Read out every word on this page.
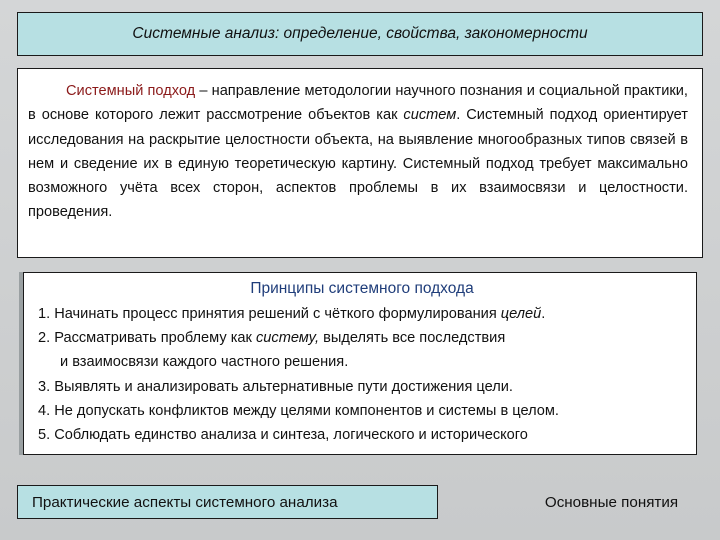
Системные анализ: определение, свойства, закономерности

Системный подход – направление методологии научного познания и социальной практики, в основе которого лежит рассмотрение объектов как систем. Системный подход ориентирует исследования на раскрытие целостности объекта, на выявление многообразных типов связей в нем и сведение их в единую теоретическую картину. Системный подход требует максимально возможного учёта всех сторон, аспектов проблемы в их взаимосвязи и целостности. проведения.

Принципы системного подхода
1. Начинать процесс принятия решений с чёткого формулирования целей.
2. Рассматривать проблему как систему, выделять все последствия
и взаимосвязи каждого частного решения.
3. Выявлять и анализировать альтернативные пути достижения цели.
4. Не допускать конфликтов между целями компонентов и системы в целом.
5. Соблюдать единство анализа и синтеза, логического и исторического
Практические аспекты системного анализа	Основные понятия
